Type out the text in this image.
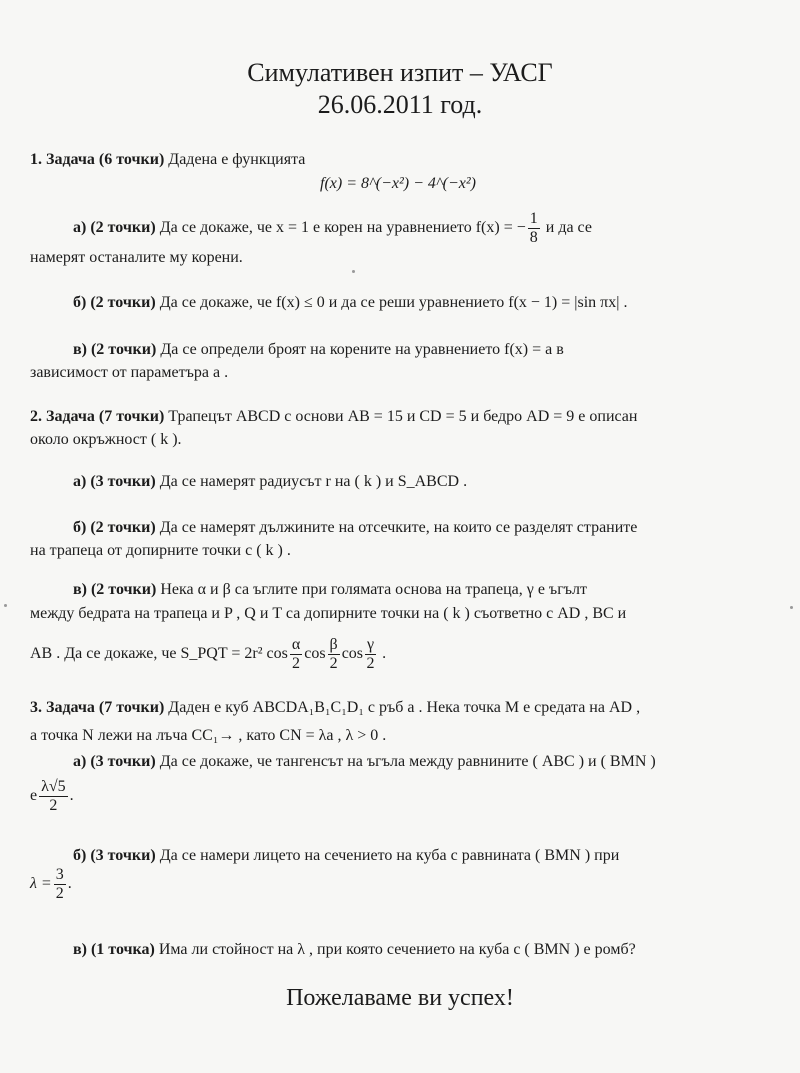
Симулативен изпит – УАСГ
26.06.2011 год.
1. Задача (6 точки) Дадена е функцията
f(x) = 8^(−x²) − 4^(−x²)
а) (2 точки) Да се докаже, че x = 1 е корен на уравнението f(x) = − $\frac{1}{8}$ и да се
намерят останалите му корени.
б) (2 точки) Да се докаже, че f(x) ≤ 0 и да се реши уравнението f(x − 1) = |sin πx| .
в) (2 точки) Да се определи броят на корените на уравнението f(x) = a в
зависимост от параметъра a .
2. Задача (7 точки) Трапецът ABCD с основи AB = 15 и CD = 5 и бедро AD = 9 е описан
около окръжност ( k ).
а) (3 точки) Да се намерят радиусът r на ( k ) и S_ABCD .
б) (2 точки) Да се намерят дължините на отсечките, на които се разделят страните
на трапеца от допирните точки с ( k ) .
в) (2 точки) Нека α и β са ъглите при голямата основа на трапеца, γ е ъгълт
между бедрата на трапеца и P , Q и T са допирните точки на ( k ) съответно с AD , BC и
AB . Да се докаже, че S_PQT = 2r² $\cos \frac{\alpha}{2}$ $\cos \frac{\beta}{2}$ $\cos \frac{\gamma}{2}$ .
3. Задача (7 точки) Даден е куб ABCDA₁B₁C₁D₁ с ръб a . Нека точка M е средата на AD ,
а точка N лежи на лъча CC₁→ , като CN = λa , λ > 0 .
а) (3 точки) Да се докаже, че тангенсът на ъгъла между равнините ( ABC ) и ( BMN )
е $\frac{\lambda√5}{2}$ .
б) (3 точки) Да се намери лицето на сечението на куба с равнината ( BMN ) при
$\lambda = \frac{3}{2}$ .
в) (1 точка) Има ли стойност на λ , при която сечението на куба с ( BMN ) е ромб?
Пожелаваме ви успех!
